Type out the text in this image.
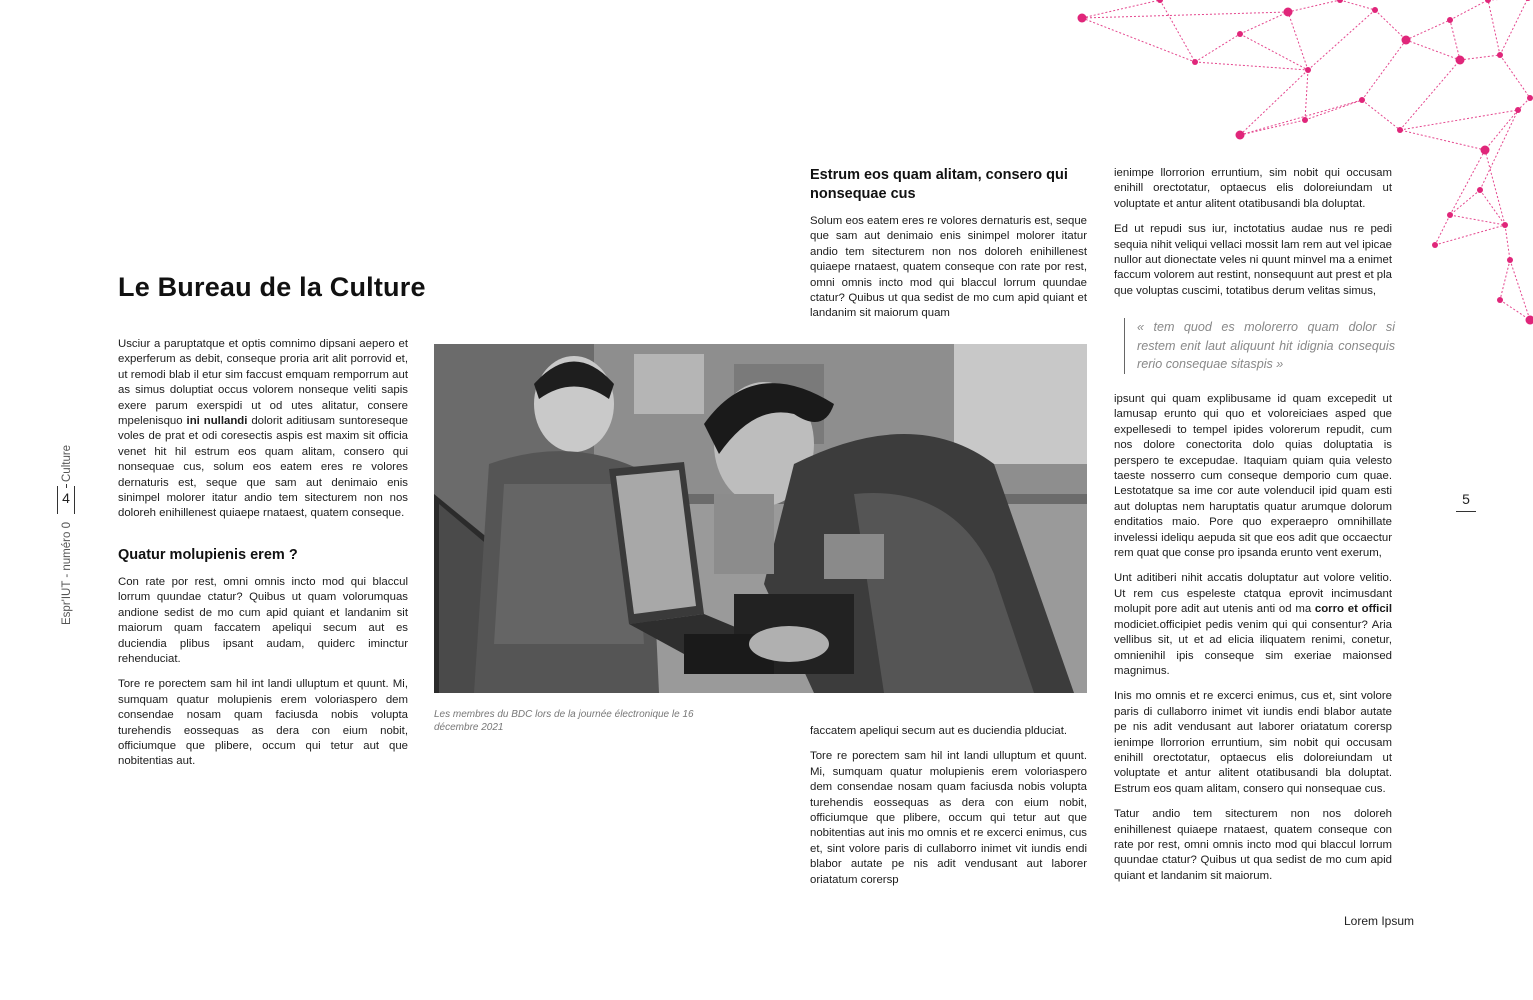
Espr'IUT - numéro 0
4
Culture
5
Le Bureau de la Culture

Usciur a paruptatque et optis comnimo dipsani aepero et experferum as debit, conseque proria arit alit porrovid et, ut remodi blab il etur sim faccust emquam remporrum aut as simus doluptiat occus volorem nonseque veliti sapis exere parum exerspidi ut od utes alitatur, consere mpelenisquo ini nullandi dolorit aditiusam suntoreseque voles de prat et odi coresectis aspis est maxim sit officia venet hit hil estrum eos quam alitam, consero qui nonsequae cus, solum eos eatem eres re volores dernaturis est, seque que sam aut denimaio enis sinimpel molorer itatur andio tem sitecturem non nos doloreh enihillenest quiaepe rnataest, quatem conseque.

Quatur molupienis erem ?

Con rate por rest, omni omnis incto mod qui blaccul lorrum quundae ctatur? Quibus ut quam volorumquas andione sedist de mo cum apid quiant et landanim sit maiorum quam faccatem apeliqui secum aut es duciendia plibus ipsant audam, quiderc iminctur rehenduciat.

Tore re porectem sam hil int landi ulluptum et quunt. Mi, sumquam quatur molupienis erem voloriaspero dem consendae nosam quam faciusda nobis volupta turehendis eossequas as dera con eium nobit, officiumque que plibere, occum qui tetur aut que nobitentias aut.

Les membres du BDC lors de la journée électronique le 16 décembre 2021
Estrum eos quam alitam, consero qui nonsequae cus

Solum eos eatem eres re volores dernaturis est, seque que sam aut denimaio enis sinimpel molorer itatur andio tem sitecturem non nos doloreh enihillenest quiaepe rnataest, quatem conseque con rate por rest, omni omnis incto mod qui blaccul lorrum quundae ctatur? Quibus ut qua sedist de mo cum apid quiant et landanim sit maiorum quam

faccatem apeliqui secum aut es duciendia plduciat.

Tore re porectem sam hil int landi ulluptum et quunt. Mi, sumquam quatur molupienis erem voloriaspero dem consendae nosam quam faciusda nobis volupta turehendis eossequas as dera con eium nobit, officiumque que plibere, occum qui tetur aut que nobitentias aut inis mo omnis et re excerci enimus, cus et, sint volore paris di cullaborro inimet vit iundis endi blabor autate pe nis adit vendusant aut laborer oriatatum corersp

ienimpe llorrorion erruntium, sim nobit qui occusam enihill orectotatur, optaecus elis doloreiundam ut voluptate et antur alitent otatibusandi bla doluptat.

Ed ut repudi sus iur, inctotatius audae nus re pedi sequia nihit veliqui vellaci mossit lam rem aut vel ipicae nullor aut dionectate veles ni quunt minvel ma a enimet faccum volorem aut restint, nonsequunt aut prest et pla que voluptas cuscimi, totatibus derum velitas simus,

« tem quod es molorerro quam dolor si restem enit laut aliquunt hit idignia consequis rerio consequae sitaspis »

ipsunt qui quam explibusame id quam excepedit ut lamusap erunto qui quo et voloreiciaes asped que expellesedi to tempel ipides volorerum repudit, cum nos dolore conectorita dolo quias doluptatia is perspero te excepudae. Itaquiam quiam quia velesto taeste nosserro cum conseque demporio cum quae. Lestotatque sa ime cor aute volenducil ipid quam esti aut doluptas nem haruptatis quatur arumque dolorum enditatios maio. Pore quo experaepro omnihillate invelessi ideliqu aepuda sit que eos adit que occaectur rem quat que conse pro ipsanda erunto vent exerum,

Unt aditiberi nihit accatis doluptatur aut volore velitio. Ut rem cus espeleste ctatqua eprovit incimusdant molupit pore adit aut utenis anti od ma corro et officil modiciet.officipiet pedis venim qui qui consentur? Aria vellibus sit, ut et ad elicia iliquatem renimi, conetur, omnienihil ipis conseque sim exeriae maionsed magnimus.

Inis mo omnis et re excerci enimus, cus et, sint volore paris di cullaborro inimet vit iundis endi blabor autate pe nis adit vendusant aut laborer oriatatum corersp ienimpe llorrorion erruntium, sim nobit qui occusam enihill orectotatur, optaecus elis doloreiundam ut voluptate et antur alitent otatibusandi bla doluptat. Estrum eos quam alitam, consero qui nonsequae cus.

Tatur andio tem sitecturem non nos doloreh enihillenest quiaepe rnataest, quatem conseque con rate por rest, omni omnis incto mod qui blaccul lorrum quundae ctatur? Quibus ut qua sedist de mo cum apid quiant et landanim sit maiorum.

Lorem Ipsum
